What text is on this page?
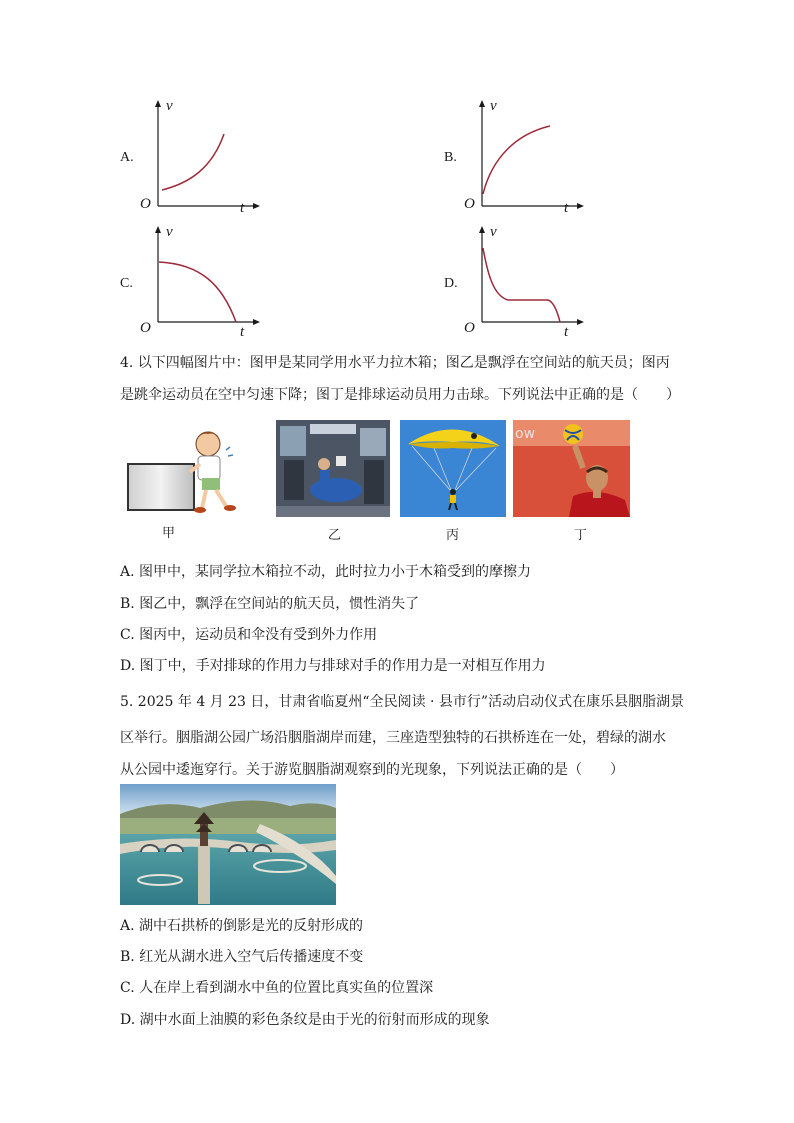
A.
v
t
O
B.
v
t
O
C.
v
t
O
D.
v
t
O
4. 以下四幅图片中：图甲是某同学用水平力拉木箱；图乙是飘浮在空间站的航天员；图丙
是跳伞运动员在空中匀速下降；图丁是排球运动员用力击球。下列说法中正确的是（　　）
甲	乙	丙
ow
丁
A. 图甲中，某同学拉木箱拉不动，此时拉力小于木箱受到的摩擦力
B. 图乙中，飘浮在空间站的航天员，惯性消失了
C. 图丙中，运动员和伞没有受到外力作用
D. 图丁中，手对排球的作用力与排球对手的作用力是一对相互作用力
5. 2025 年 4 月 23 日，甘肃省临夏州“全民阅读 · 县市行”活动启动仪式在康乐县胭脂湖景
区举行。胭脂湖公园广场沿胭脂湖岸而建，三座造型独特的石拱桥连在一处，碧绿的湖水
从公园中逶迤穿行。关于游览胭脂湖观察到的光现象，下列说法正确的是（　　）
A. 湖中石拱桥的倒影是光的反射形成的
B. 红光从湖水进入空气后传播速度不变
C. 人在岸上看到湖水中鱼的位置比真实鱼的位置深
D. 湖中水面上油膜的彩色条纹是由于光的衍射而形成的现象
